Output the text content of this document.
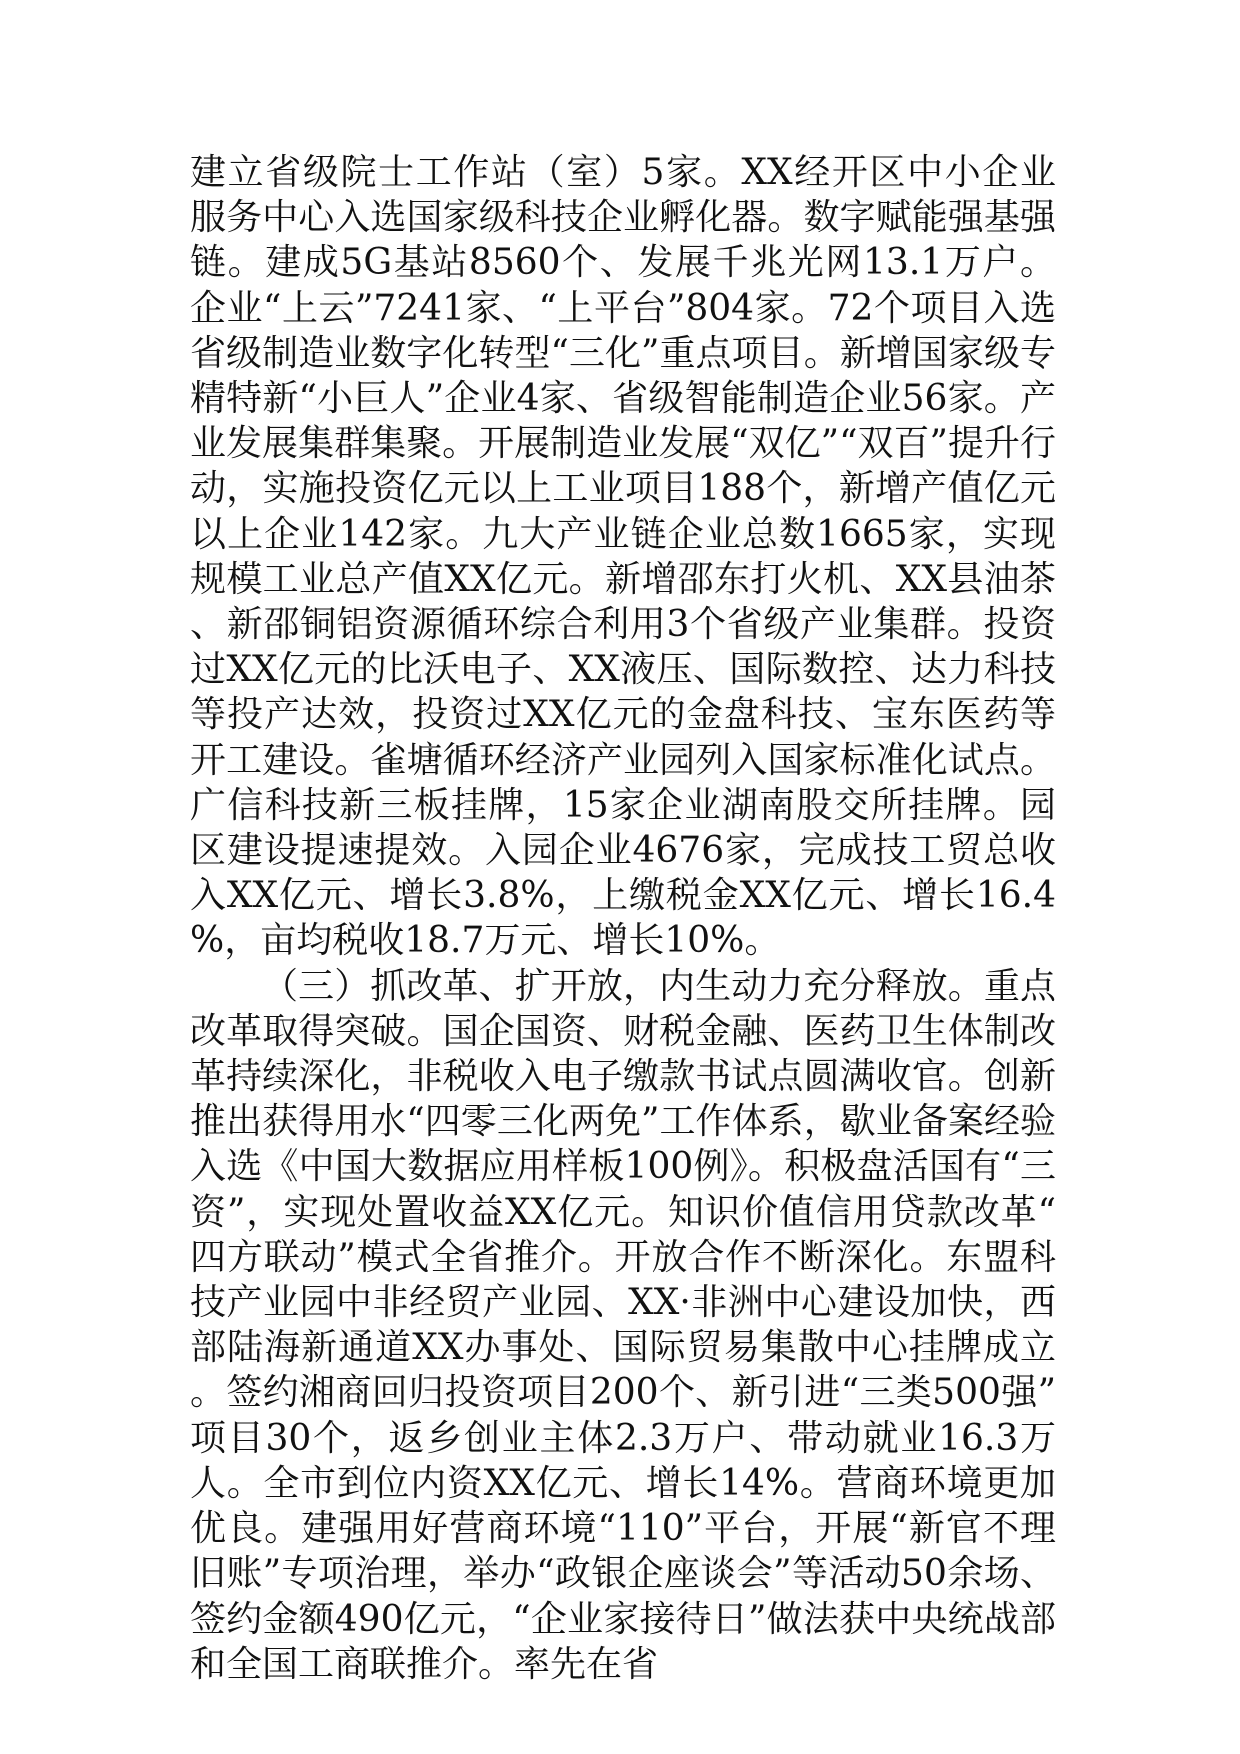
建立省级院士工作站（室）5家。XX经开区中小企业服务中心入选国家级科技企业孵化器。数字赋能强基强链。建成5G基站8560个、发展千兆光网13.1万户。企业“上云”7241家、“上平台”804家。72个项目入选省级制造业数字化转型“三化”重点项目。新增国家级专精特新“小巨人”企业4家、省级智能制造企业56家。产业发展集群集聚。开展制造业发展“双亿”“双百”提升行动，实施投资亿元以上工业项目188个，新增产值亿元以上企业142家。九大产业链企业总数1665家，实现规模工业总产值XX亿元。新增邵东打火机、XX县油茶、新邵铜铝资源循环综合利用3个省级产业集群。投资过XX亿元的比沃电子、XX液压、国际数控、达力科技等投产达效，投资过XX亿元的金盘科技、宝东医药等开工建设。雀塘循环经济产业园列入国家标准化试点。广信科技新三板挂牌，15家企业湖南股交所挂牌。园区建设提速提效。入园企业4676家，完成技工贸总收入XX亿元、增长3.8%，上缴税金XX亿元、增长16.4%，亩均税收18.7万元、增长10%。

（三）抓改革、扩开放，内生动力充分释放。重点改革取得突破。国企国资、财税金融、医药卫生体制改革持续深化，非税收入电子缴款书试点圆满收官。创新推出获得用水“四零三化两免”工作体系，歇业备案经验入选《中国大数据应用样板100例》。积极盘活国有“三资”，实现处置收益XX亿元。知识价值信用贷款改革“四方联动”模式全省推介。开放合作不断深化。东盟科技产业园中非经贸产业园、XX·非洲中心建设加快，西部陆海新通道XX办事处、国际贸易集散中心挂牌成立。签约湘商回归投资项目200个、新引进“三类500强”项目30个，返乡创业主体2.3万户、带动就业16.3万人。全市到位内资XX亿元、增长14%。营商环境更加优良。建强用好营商环境“110”平台，开展“新官不理旧账”专项治理，举办“政银企座谈会”等活动50余场、签约金额490亿元，“企业家接待日”做法获中央统战部和全国工商联推介。率先在省
